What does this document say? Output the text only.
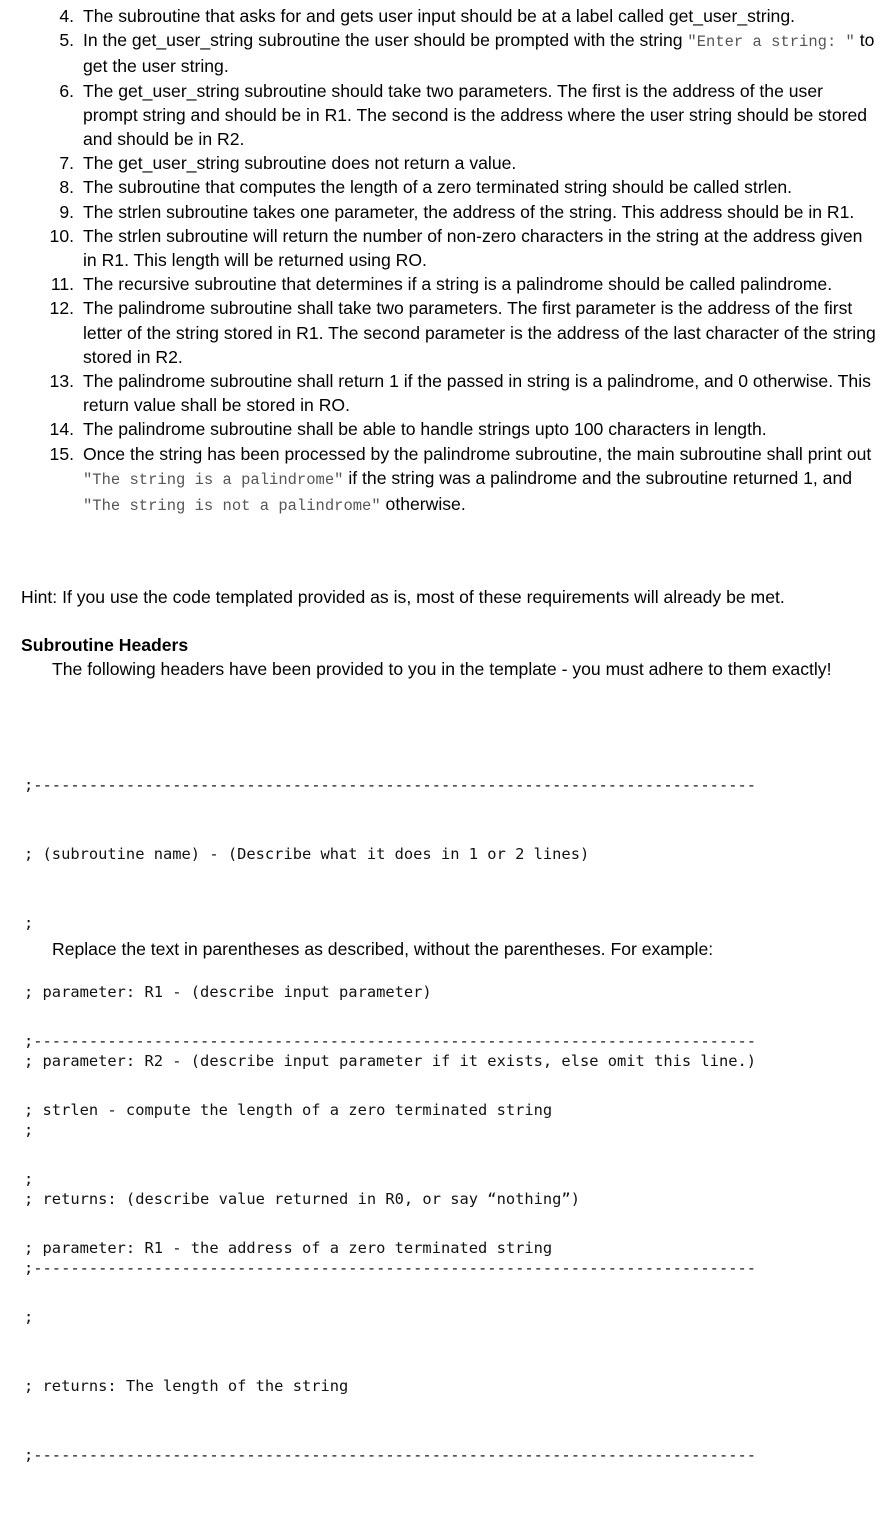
4. The subroutine that asks for and gets user input should be at a label called get_user_string.
5. In the get_user_string subroutine the user should be prompted with the string "Enter a string: " to get the user string.
6. The get_user_string subroutine should take two parameters. The first is the address of the user prompt string and should be in R1. The second is the address where the user string should be stored and should be in R2.
7. The get_user_string subroutine does not return a value.
8. The subroutine that computes the length of a zero terminated string should be called strlen.
9. The strlen subroutine takes one parameter, the address of the string. This address should be in R1.
10. The strlen subroutine will return the number of non-zero characters in the string at the address given in R1. This length will be returned using RO.
11. The recursive subroutine that determines if a string is a palindrome should be called palindrome.
12. The palindrome subroutine shall take two parameters. The first parameter is the address of the first letter of the string stored in R1. The second parameter is the address of the last character of the string stored in R2.
13. The palindrome subroutine shall return 1 if the passed in string is a palindrome, and 0 otherwise. This return value shall be stored in RO.
14. The palindrome subroutine shall be able to handle strings upto 100 characters in length.
15. Once the string has been processed by the palindrome subroutine, the main subroutine shall print out "The string is a palindrome" if the string was a palindrome and the subroutine returned 1, and "The string is not a palindrome" otherwise.

Hint: If you use the code templated provided as is, most of these requirements will already be met.

Subroutine Headers

The following headers have been provided to you in the template - you must adhere to them exactly!

;------------------------------------------------------------------------------

; (subroutine name) - (Describe what it does in 1 or 2 lines)

;

; parameter: R1 - (describe input parameter)

; parameter: R2 - (describe input parameter if it exists, else omit this line.)

;

; returns: (describe value returned in R0, or say “nothing”)

;------------------------------------------------------------------------------

Replace the text in parentheses as described, without the parentheses. For example:

;------------------------------------------------------------------------------

; strlen - compute the length of a zero terminated string

;

; parameter: R1 - the address of a zero terminated string

;

; returns: The length of the string

;------------------------------------------------------------------------------
